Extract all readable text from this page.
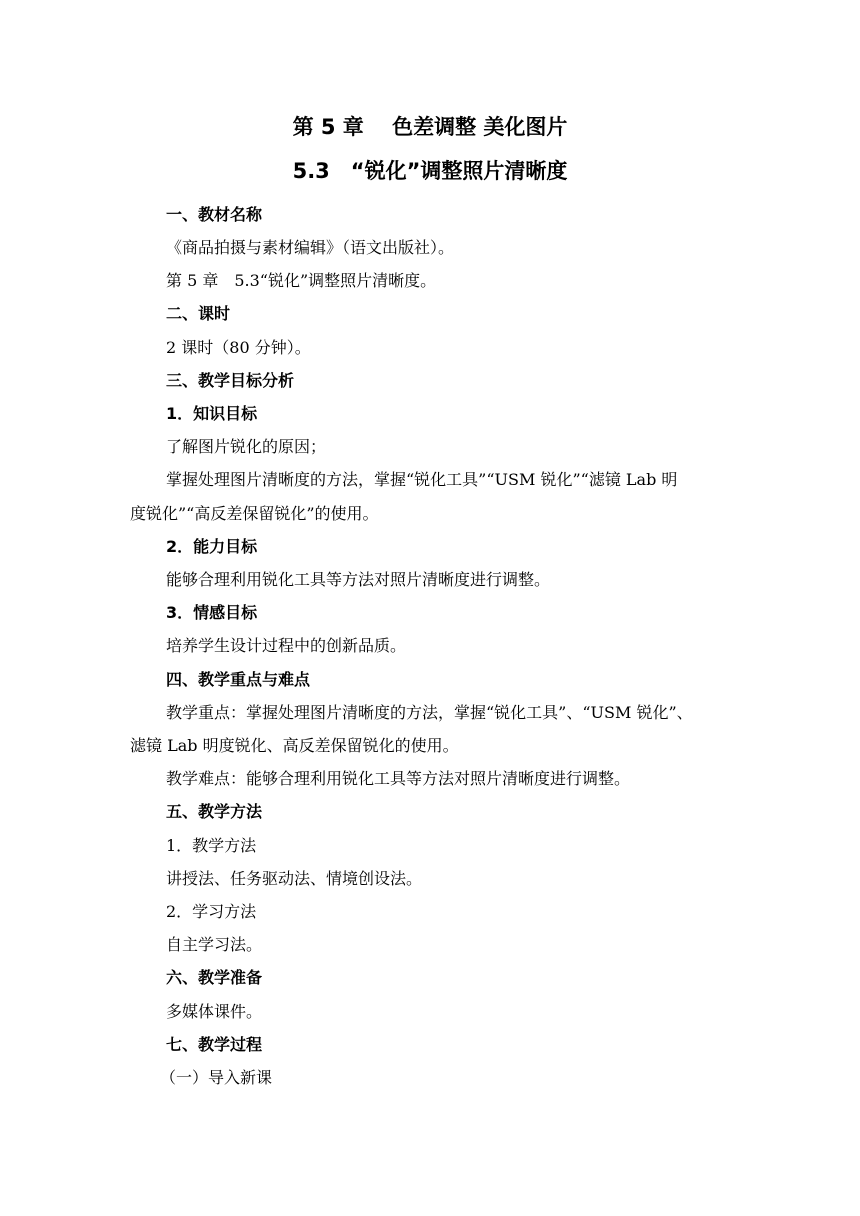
第 5 章　 色差调整 美化图片
5.3　“锐化”调整照片清晰度
一、教材名称
《商品拍摄与素材编辑》（语文出版社）。
第 5 章　5.3“锐化”调整照片清晰度。
二、课时
2 课时（80 分钟）。
三、教学目标分析
1．知识目标
了解图片锐化的原因；
掌握处理图片清晰度的方法，掌握“锐化工具”“USM 锐化”“滤镜 Lab 明
度锐化”“高反差保留锐化”的使用。
2．能力目标
能够合理利用锐化工具等方法对照片清晰度进行调整。
3．情感目标
培养学生设计过程中的创新品质。
四、教学重点与难点
教学重点：掌握处理图片清晰度的方法，掌握“锐化工具”、“USM 锐化”、
滤镜 Lab 明度锐化、高反差保留锐化的使用。
教学难点：能够合理利用锐化工具等方法对照片清晰度进行调整。
五、教学方法
1．教学方法
讲授法、任务驱动法、情境创设法。
2．学习方法
自主学习法。
六、教学准备
多媒体课件。
七、教学过程
（一）导入新课
